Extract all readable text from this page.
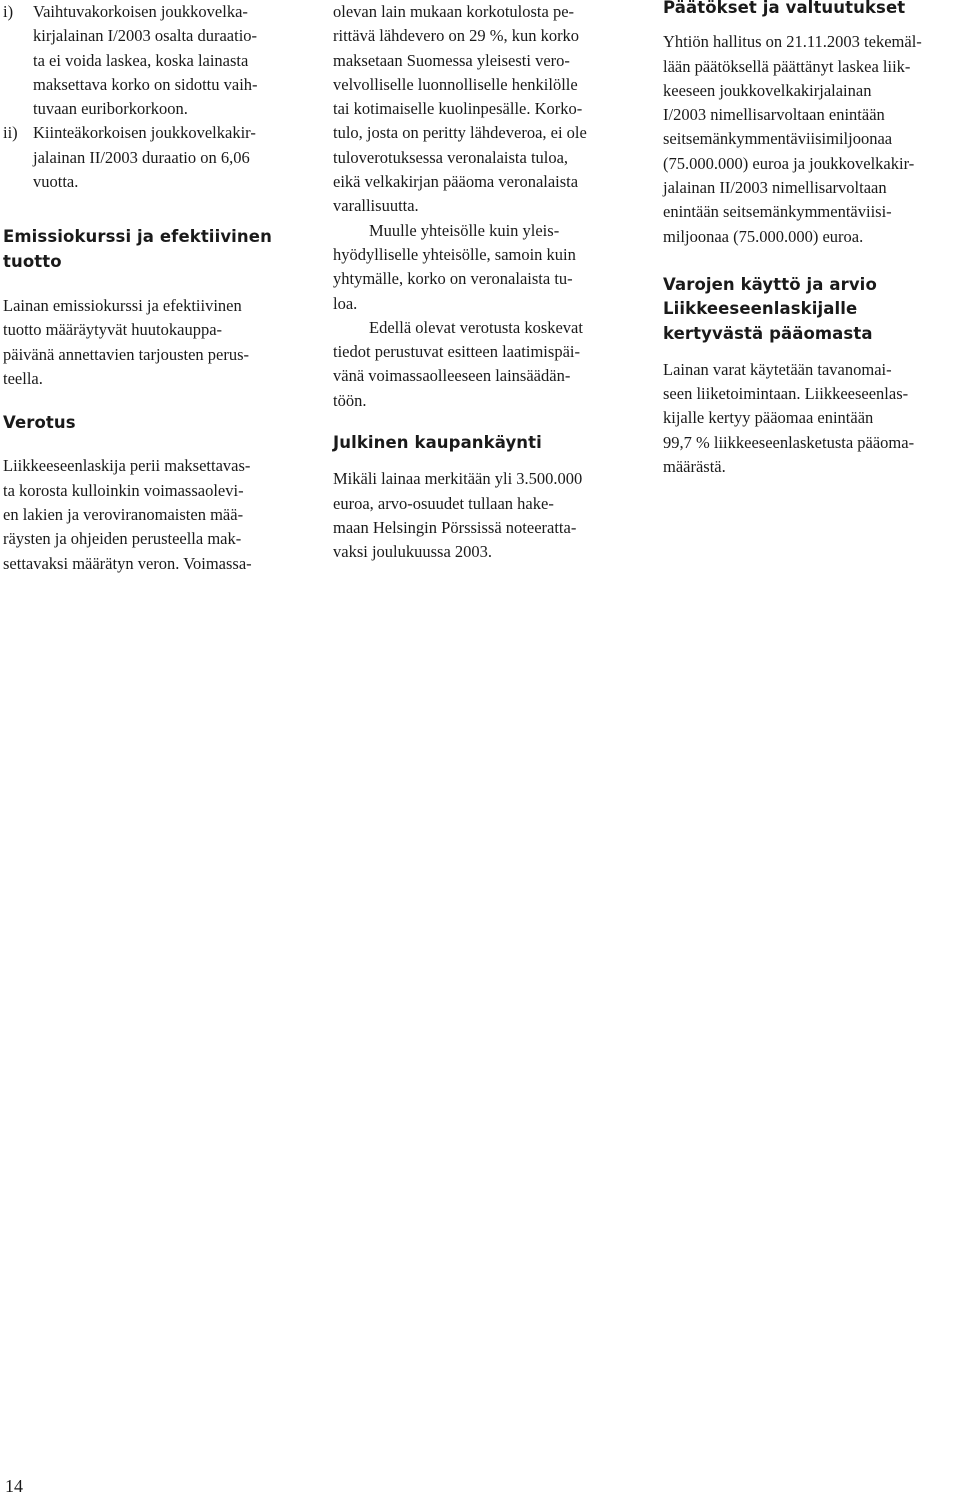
i)	Vaihtuvakorkoisen joukkovelka-
kirjalainan I/2003 osalta duraatio-
ta ei voida laskea, koska lainasta
maksettava korko on sidottu vaih-
tuvaan euriborkorkoon.
ii) Kiinteäkorkoisen joukkovelkakir-
jalainan II/2003 duraatio on 6,06
vuotta.
Emissiokurssi ja efektiivinen
tuotto

Lainan emissiokurssi ja efektiivinen
tuotto määräytyvät huutokauppa-
päivänä annettavien tarjousten perus-
teella.

Verotus

Liikkeeseenlaskija perii maksettavas-
ta korosta kulloinkin voimassaolevi-
en lakien ja veroviranomaisten mää-
räysten ja ohjeiden perusteella mak-
settavaksi määrätyn veron. Voimassa-

olevan lain mukaan korkotulosta pe-
rittävä lähdevero on 29 %, kun korko
maksetaan Suomessa yleisesti vero-
velvolliselle luonnolliselle henkilölle
tai kotimaiselle kuolinpesälle. Korko-
tulo, josta on peritty lähdeveroa, ei ole
tuloverotuksessa veronalaista tuloa,
eikä velkakirjan pääoma veronalaista
varallisuutta.

Muulle yhteisölle kuin yleis-
hyödylliselle yhteisölle, samoin kuin
yhtymälle, korko on veronalaista tu-
loa.

Edellä olevat verotusta koskevat
tiedot perustuvat esitteen laatimispäi-
vänä voimassaolleeseen lainsäädän-
töön.

Julkinen kaupankäynti

Mikäli lainaa merkitään yli 3.500.000
euroa, arvo-osuudet tullaan hake-
maan Helsingin Pörssissä noteeratta-
vaksi joulukuussa 2003.

Päätökset ja valtuutukset

Yhtiön hallitus on 21.11.2003 tekemäl-
lään päätöksellä päättänyt laskea liik-
keeseen joukkovelkakirjalainan
I/2003 nimellisarvoltaan enintään
seitsemänkymmentäviisimiljoonaa
(75.000.000) euroa ja joukkovelkakir-
jalainan II/2003 nimellisarvoltaan
enintään seitsemänkymmentäviisi-
miljoonaa (75.000.000) euroa.

Varojen käyttö ja arvio
Liikkeeseenlaskijalle
kertyvästä pääomasta

Lainan varat käytetään tavanomai-
seen liiketoimintaan. Liikkeeseenlas-
kijalle kertyy pääomaa enintään
99,7 % liikkeeseenlasketusta pääoma-
määrästä.

14
